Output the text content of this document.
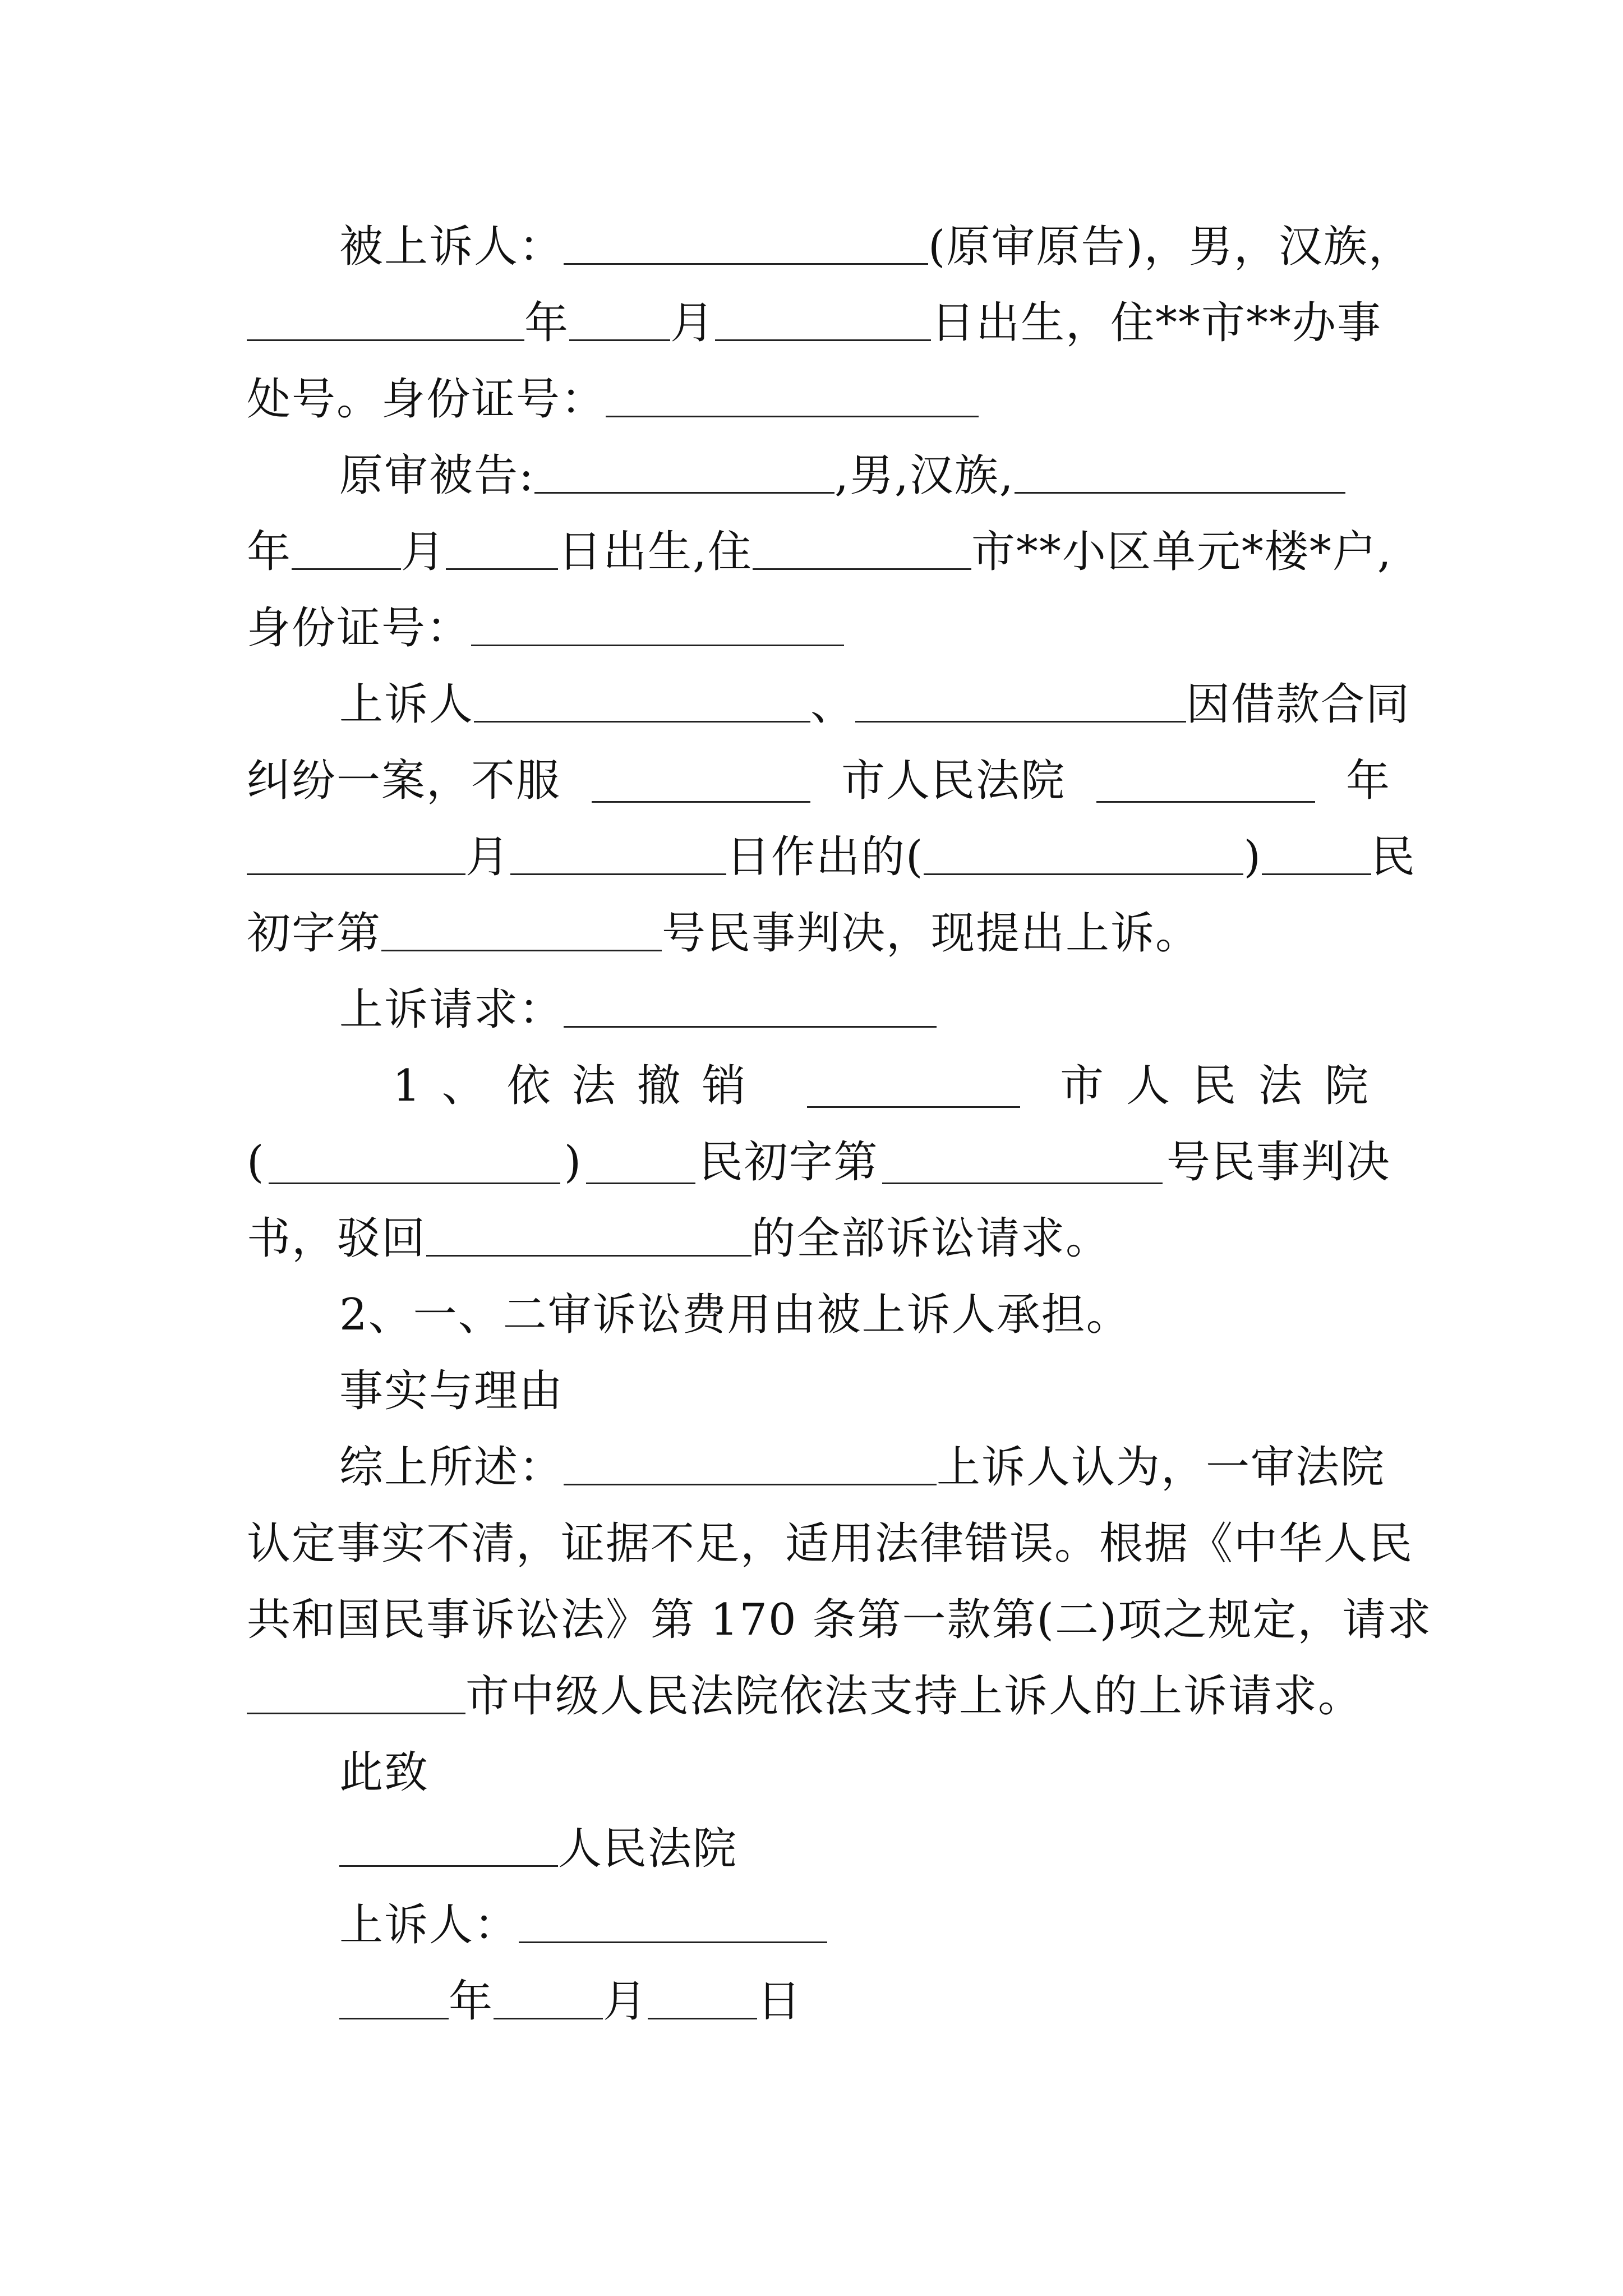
被上诉人：	(原审原告)，男，汉族，
年 月	日出生，住**市**办事
处号。身份证号：
原审被告:	,男,汉族,
年	月	日出生,住	市**小区单元*楼*户,
身份证号：
上诉人	、	因借款合同
纠纷一案，不服	市人民法院	年
月	日作出的(	)	民
初字第	号民事判决，现提出上诉。
上诉请求：
1、依法撤销	市人民法院
(	)	民初字第	号民事判决
书，驳回	的全部诉讼请求。
2、一、二审诉讼费用由被上诉人承担。
事实与理由
综上所述：	上诉人认为，一审法院
认定事实不清，证据不足，适用法律错误。根据《中华人民
共和国民事诉讼法》第 170 条第一款第(二)项之规定，请求
市中级人民法院依法支持上诉人的上诉请求。
此致
人民法院
上诉人：
年	月	日
